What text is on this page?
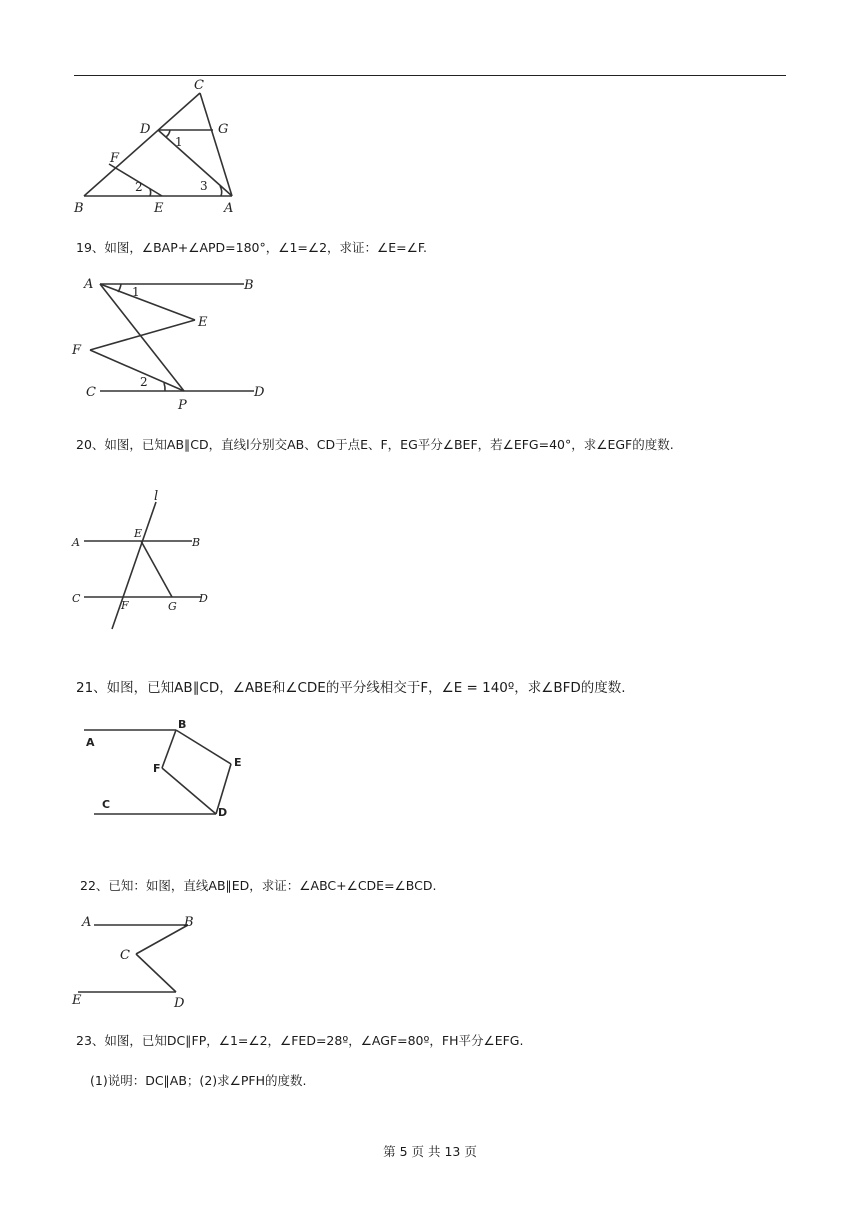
C
D	G
F
B	E	A
1
2	3
19、如图，∠BAP+∠APD=180°，∠1=∠2，求证：∠E=∠F.
A	B
E
F
C
P
D
1
2
20、如图，已知AB∥CD，直线l分别交AB、CD于点E、F，EG平分∠BEF，若∠EFG=40°，求∠EGF的度数.
l
A
E
B
C
F	G
D
21、如图，已知AB∥CD，∠ABE和∠CDE的平分线相交于F，∠E = 140º，求∠BFD的度数.
A
B
E
F
C
D
22、已知：如图，直线AB∥ED，求证：∠ABC+∠CDE=∠BCD.
A	B
C
E	D
23、如图，已知DC∥FP，∠1=∠2，∠FED=28º，∠AGF=80º，FH平分∠EFG.
(1)说明：DC∥AB；(2)求∠PFH的度数.
第 5 页 共 13 页
